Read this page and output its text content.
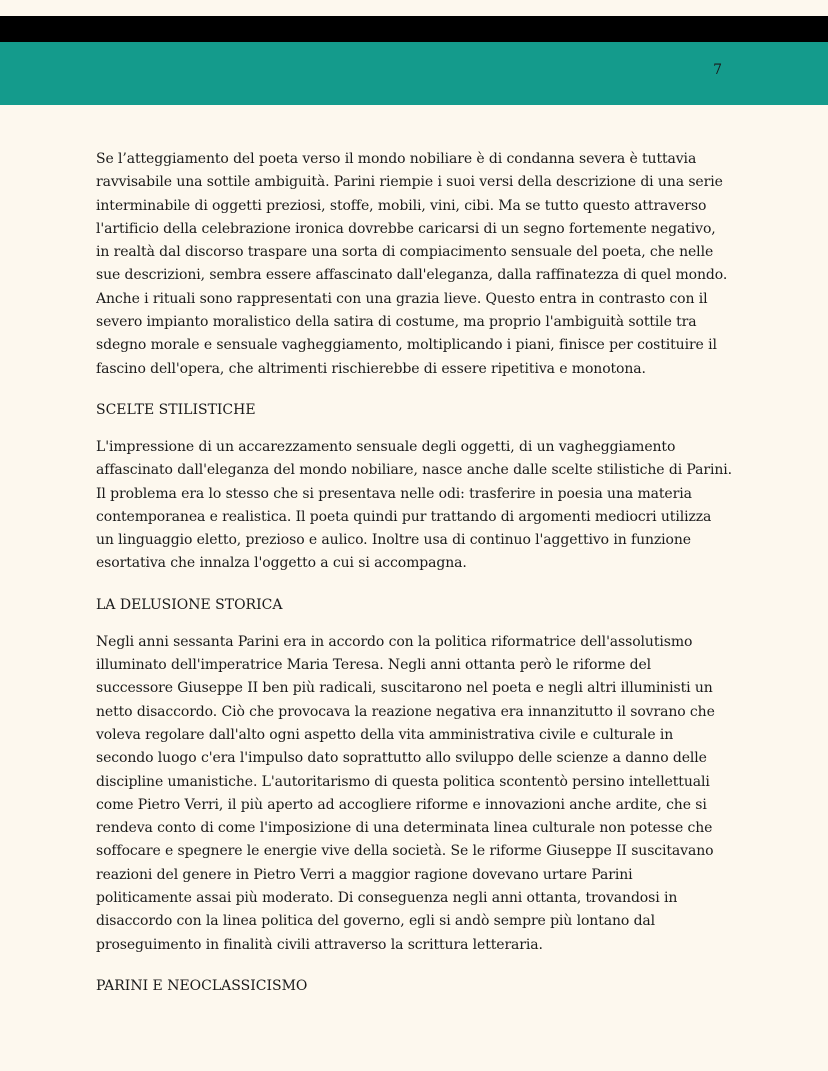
7

Se l’atteggiamento del poeta verso il mondo nobiliare è di condanna severa è tuttavia ravvisabile una sottile ambiguità. Parini riempie i suoi versi della descrizione di una serie interminabile di oggetti preziosi, stoffe, mobili, vini, cibi. Ma se tutto questo attraverso l'artificio della celebrazione ironica dovrebbe caricarsi di un segno fortemente negativo, in realtà dal discorso traspare una sorta di compiacimento sensuale del poeta, che nelle sue descrizioni, sembra essere affascinato dall'eleganza, dalla raffinatezza di quel mondo. Anche i rituali sono rappresentati con una grazia lieve. Questo entra in contrasto con il severo impianto moralistico della satira di costume, ma proprio l'ambiguità sottile tra sdegno morale e sensuale vagheggiamento, moltiplicando i piani, finisce per costituire il fascino dell'opera, che altrimenti rischierebbe di essere ripetitiva e monotona.

SCELTE STILISTICHE

L'impressione di un accarezzamento sensuale degli oggetti, di un vagheggiamento affascinato dall'eleganza del mondo nobiliare, nasce anche dalle scelte stilistiche di Parini. Il problema era lo stesso che si presentava nelle odi: trasferire in poesia una materia contemporanea e realistica. Il poeta quindi pur trattando di argomenti mediocri utilizza un linguaggio eletto, prezioso e aulico. Inoltre usa di continuo l'aggettivo in funzione esortativa che innalza l'oggetto a cui si accompagna.

LA DELUSIONE STORICA

Negli anni sessanta Parini era in accordo con la politica riformatrice dell'assolutismo illuminato dell'imperatrice Maria Teresa. Negli anni ottanta però le riforme del successore Giuseppe II ben più radicali, suscitarono nel poeta e negli altri illuministi un netto disaccordo. Ciò che provocava la reazione negativa era innanzitutto il sovrano che voleva regolare dall'alto ogni aspetto della vita amministrativa civile e culturale in secondo luogo c'era l'impulso dato soprattutto allo sviluppo delle scienze a danno delle discipline umanistiche. L'autoritarismo di questa politica scontentò persino intellettuali come Pietro Verri, il più aperto ad accogliere riforme e innovazioni anche ardite, che si rendeva conto di come l'imposizione di una determinata linea culturale non potesse che soffocare e spegnere le energie vive della società. Se le riforme Giuseppe II suscitavano reazioni del genere in Pietro Verri a maggior ragione dovevano urtare Parini politicamente assai più moderato. Di conseguenza negli anni ottanta, trovandosi in disaccordo con la linea politica del governo, egli si andò sempre più lontano dal proseguimento in finalità civili attraverso la scrittura letteraria.

PARINI E NEOCLASSICISMO
